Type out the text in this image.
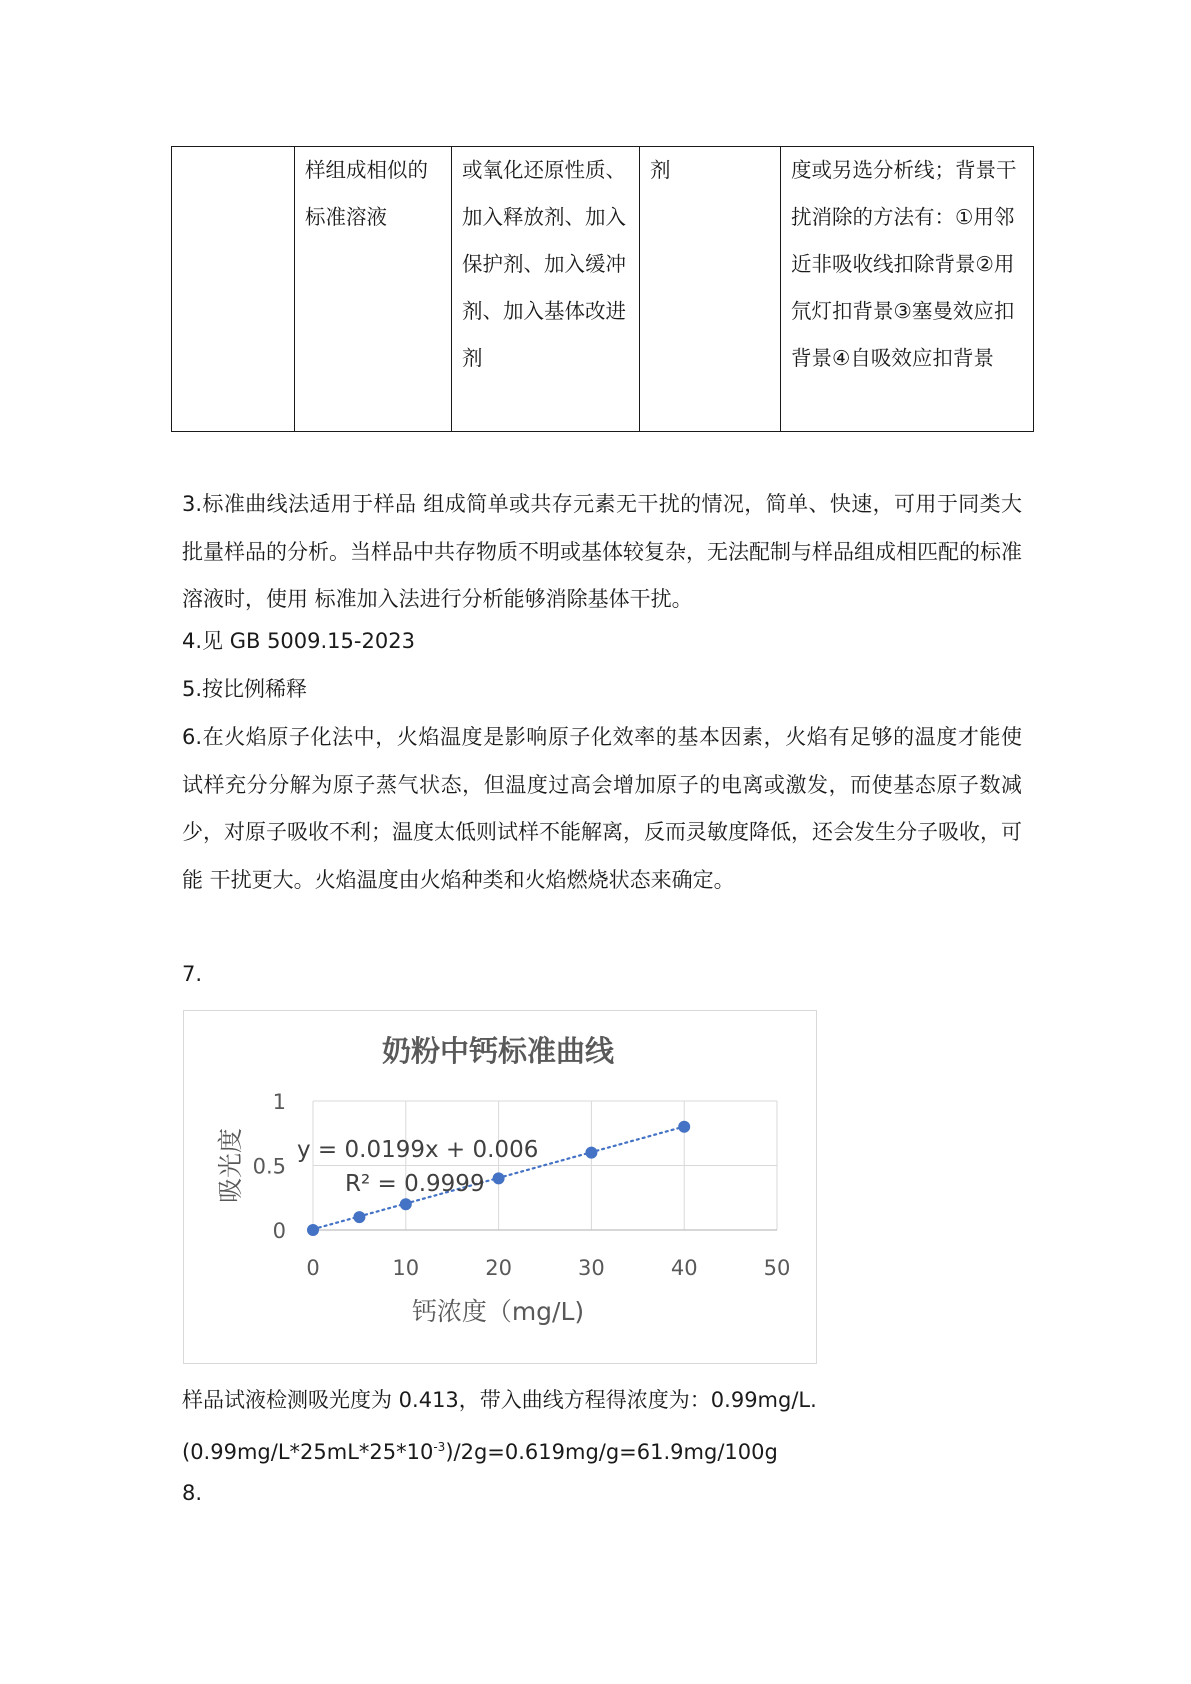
	样组成相似的标准溶液	或氧化还原性质、加入释放剂、加入保护剂、加入缓冲剂、加入基体改进剂	剂	度或另选分析线；背景干扰消除的方法有：①用邻近非吸收线扣除背景②用氘灯扣背景③塞曼效应扣背景④自吸效应扣背景

3.标准曲线法适用于样品 组成简单或共存元素无干扰的情况，简单、快速，可用于同类大批量样品的分析。当样品中共存物质不明或基体较复杂，无法配制与样品组成相匹配的标准溶液时，使用 标准加入法进行分析能够消除基体干扰。

4.见 GB 5009.15-2023
5.按比例稀释

6.在火焰原子化法中，火焰温度是影响原子化效率的基本因素，火焰有足够的温度才能使 试样充分分解为原子蒸气状态，但温度过高会增加原子的电离或激发，而使基态原子数减 少，对原子吸收不利；温度太低则试样不能解离，反而灵敏度降低，还会发生分子吸收，可能 干扰更大。火焰温度由火焰种类和火焰燃烧状态来确定。

7.
奶粉中钙标准曲线
0	10	20	30	40	50
0
0.5
1
y = 0.0199x + 0.006
R² = 0.9999
钙浓度（mg/L)
吸光度
样品试液检测吸光度为 0.413，带入曲线方程得浓度为：0.99mg/L.
$(0.99mg/L*25mL*25*10^{-3})/2g=0.619mg/g=61.9mg/100g$
8.
